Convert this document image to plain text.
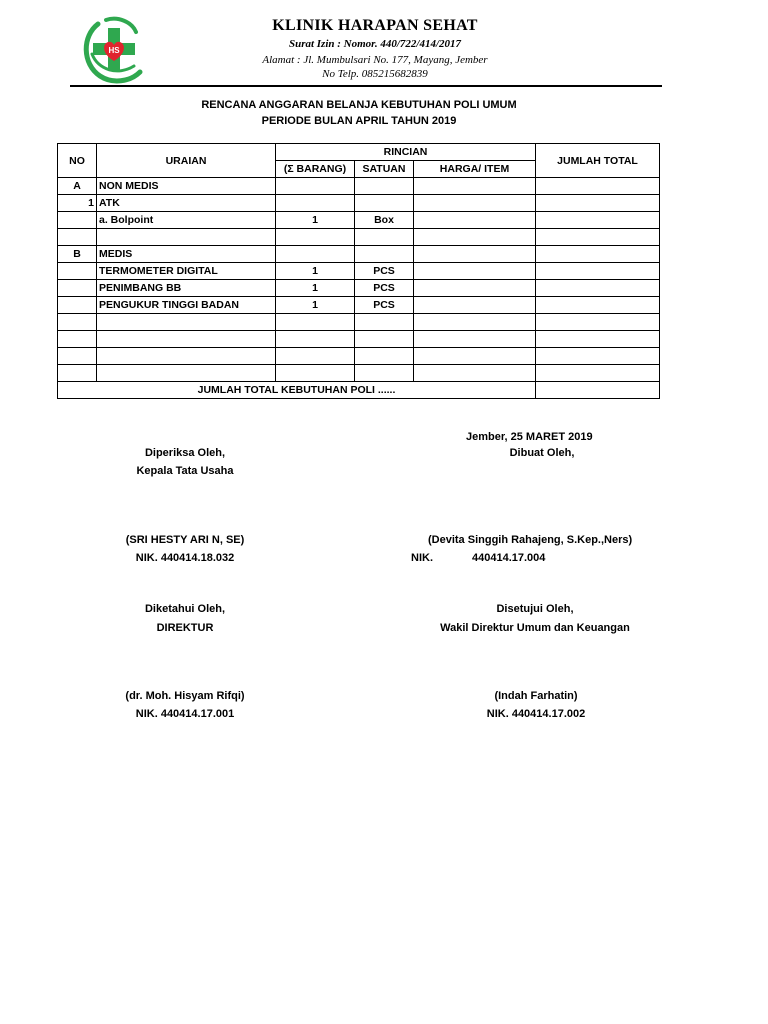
HS
KLINIK HARAPAN SEHAT
Surat Izin : Nomor. 440/722/414/2017
Alamat : Jl. Mumbulsari No. 177, Mayang, Jember
No Telp. 085215682839
RENCANA ANGGARAN BELANJA KEBUTUHAN POLI UMUM
PERIODE BULAN APRIL TAHUN 2019
NO	URAIAN	RINCIAN			JUMLAH TOTAL
		(Σ BARANG)	SATUAN	HARGA/ ITEM	
A	NON MEDIS				
1	ATK				
	a. Bolpoint	1	Box		

B	MEDIS				
	TERMOMETER DIGITAL	1	PCS		
	PENIMBANG BB	1	PCS		
	PENGUKUR TINGGI BADAN	1	PCS		

JUMLAH TOTAL KEBUTUHAN POLI ......					
Jember, 25 MARET 2019
Diperiksa Oleh,
Kepala Tata Usaha
Dibuat Oleh,
(SRI HESTY ARI N, SE)
NIK. 440414.18.032
(Devita Singgih Rahajeng, S.Kep.,Ners)
NIK.	440414.17.004
Diketahui Oleh,
DIREKTUR
Disetujui Oleh,
Wakil Direktur Umum dan Keuangan
(dr. Moh. Hisyam Rifqi)
NIK. 440414.17.001
(Indah Farhatin)
NIK. 440414.17.002
